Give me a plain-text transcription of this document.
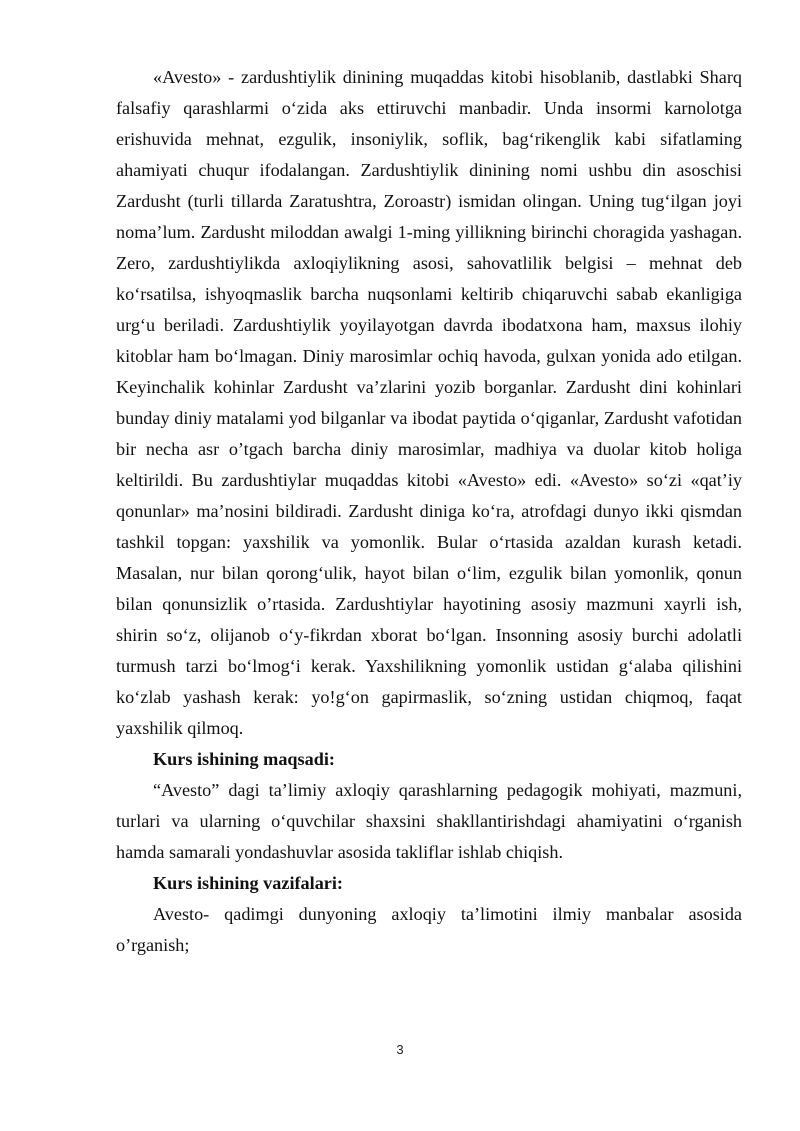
«Avesto» - zardushtiylik dinining muqaddas kitobi hisoblanib, dastlabki Sharq falsafiy qarashlarmi o‘zida aks ettiruvchi manbadir. Unda insormi karnolotga erishuvida mehnat, ezgulik, insoniylik, soflik, bag‘rikenglik kabi sifatlaming ahamiyati chuqur ifodalangan. Zardushtiylik dinining nomi ushbu din asoschisi Zardusht (turli tillarda Zaratushtra, Zoroastr) ismidan olingan. Uning tug‘ilgan joyi noma’lum. Zardusht miloddan awalgi 1-ming yillikning birinchi choragida yashagan. Zero, zardushtiylikda axloqiylikning asosi, sahovatlilik belgisi – mehnat deb ko‘rsatilsa, ishyoqmaslik barcha nuqsonlami keltirib chiqaruvchi sabab ekanligiga urg‘u beriladi. Zardushtiylik yoyilayotgan davrda ibodatxona ham, maxsus ilohiy kitoblar ham bo‘lmagan. Diniy marosimlar ochiq havoda, gulxan yonida ado etilgan. Keyinchalik kohinlar Zardusht va’zlarini yozib borganlar. Zardusht dini kohinlari bunday diniy matalami yod bilganlar va ibodat paytida o‘qiganlar, Zardusht vafotidan bir necha asr o’tgach barcha diniy marosimlar, madhiya va duolar kitob holiga keltirildi. Bu zardushtiylar muqaddas kitobi «Avesto» edi. «Avesto» so‘zi «qat’iy qonunlar» ma’nosini bildiradi. Zardusht diniga ko‘ra, atrofdagi dunyo ikki qismdan tashkil topgan: yaxshilik va yomonlik. Bular o‘rtasida azaldan kurash ketadi. Masalan, nur bilan qorong‘ulik, hayot bilan o‘lim, ezgulik bilan yomonlik, qonun bilan qonunsizlik o’rtasida. Zardushtiylar hayotining asosiy mazmuni xayrli ish, shirin so‘z, olijanob o‘y-fikrdan xborat bo‘lgan. Insonning asosiy burchi adolatli turmush tarzi bo‘lmog‘i kerak. Yaxshilikning yomonlik ustidan g‘alaba qilishini ko‘zlab yashash kerak: yo!g‘on gapirmaslik, so‘zning ustidan chiqmoq, faqat yaxshilik qilmoq.

Kurs ishining maqsadi:

“Avesto” dagi ta’limiy axloqiy qarashlarning pedagogik mohiyati, mazmuni, turlari va ularning o‘quvchilar shaxsini shakllantirishdagi ahamiyatini o‘rganish hamda samarali yondashuvlar asosida takliflar ishlab chiqish.

Kurs ishining vazifalari:

Avesto- qadimgi dunyoning axloqiy ta’limotini ilmiy manbalar asosida o’rganish;

3
